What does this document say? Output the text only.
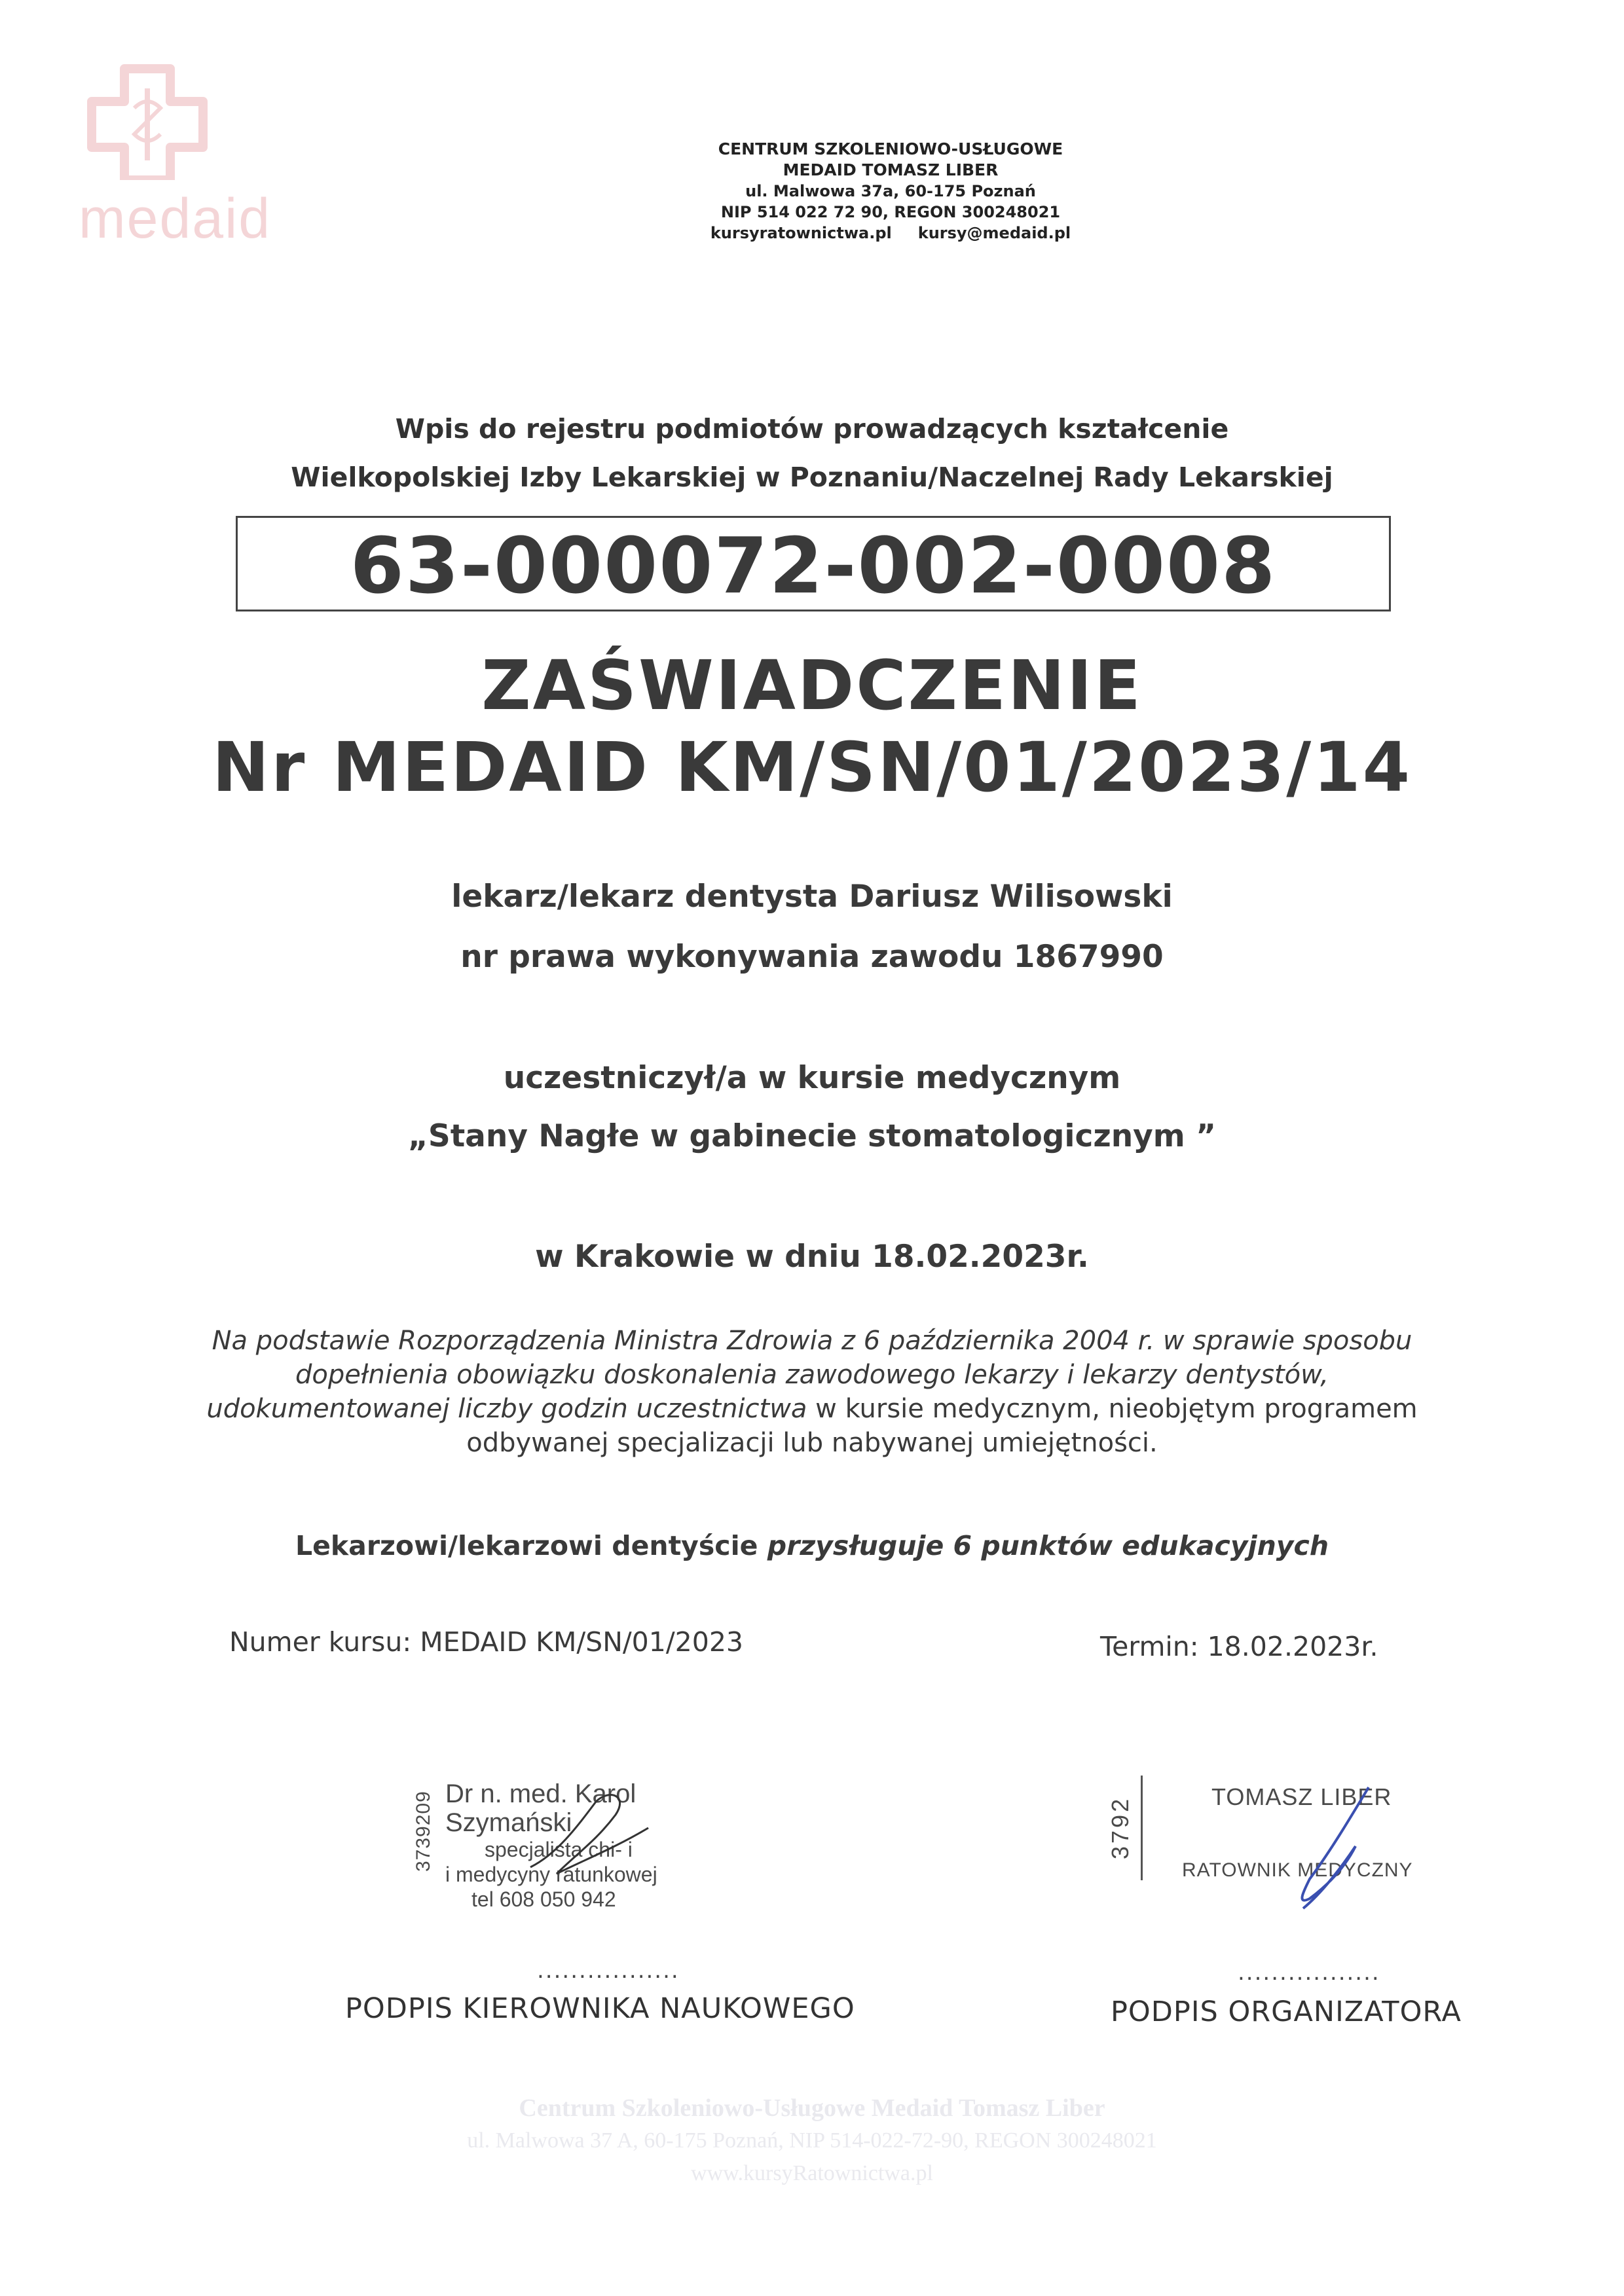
medaid
CENTRUM SZKOLENIOWO-USŁUGOWE
MEDAID TOMASZ LIBER
ul. Malwowa 37a, 60-175 Poznań
NIP 514 022 72 90, REGON 300248021
kursyratownictwa.pl kursy@medaid.pl
Wpis do rejestru podmiotów prowadzących kształcenie
Wielkopolskiej Izby Lekarskiej w Poznaniu/Naczelnej Rady Lekarskiej
63-000072-002-0008
ZAŚWIADCZENIE
Nr MEDAID KM/SN/01/2023/14
lekarz/lekarz dentysta Dariusz Wilisowski
nr prawa wykonywania zawodu 1867990
uczestniczył/a w kursie medycznym
„Stany Nagłe w gabinecie stomatologicznym ”
w Krakowie w dniu 18.02.2023r.
Na podstawie Rozporządzenia Ministra Zdrowia z 6 października 2004 r. w sprawie sposobu
dopełnienia obowiązku doskonalenia zawodowego lekarzy i lekarzy dentystów,
udokumentowanej liczby godzin uczestnictwa w kursie medycznym, nieobjętym programem
odbywanej specjalizacji lub nabywanej umiejętności.
Lekarzowi/lekarzowi dentyście przysługuje 6 punktów edukacyjnych
Numer kursu: MEDAID KM/SN/01/2023	Termin: 18.02.2023r.
3739209 Dr n. med. Karol Szymański
specjalista chi- i
i medycyny ratunkowej
tel 608 050 942
3792	TOMASZ LIBER
RATOWNIK MEDYCZNY
.................	.................
PODPIS KIEROWNIKA NAUKOWEGO	PODPIS ORGANIZATORA
Centrum Szkoleniowo-Usługowe Medaid Tomasz Liber
ul. Malwowa 37 A, 60-175 Poznań, NIP 514-022-72-90, REGON 300248021
www.kursyRatownictwa.pl
